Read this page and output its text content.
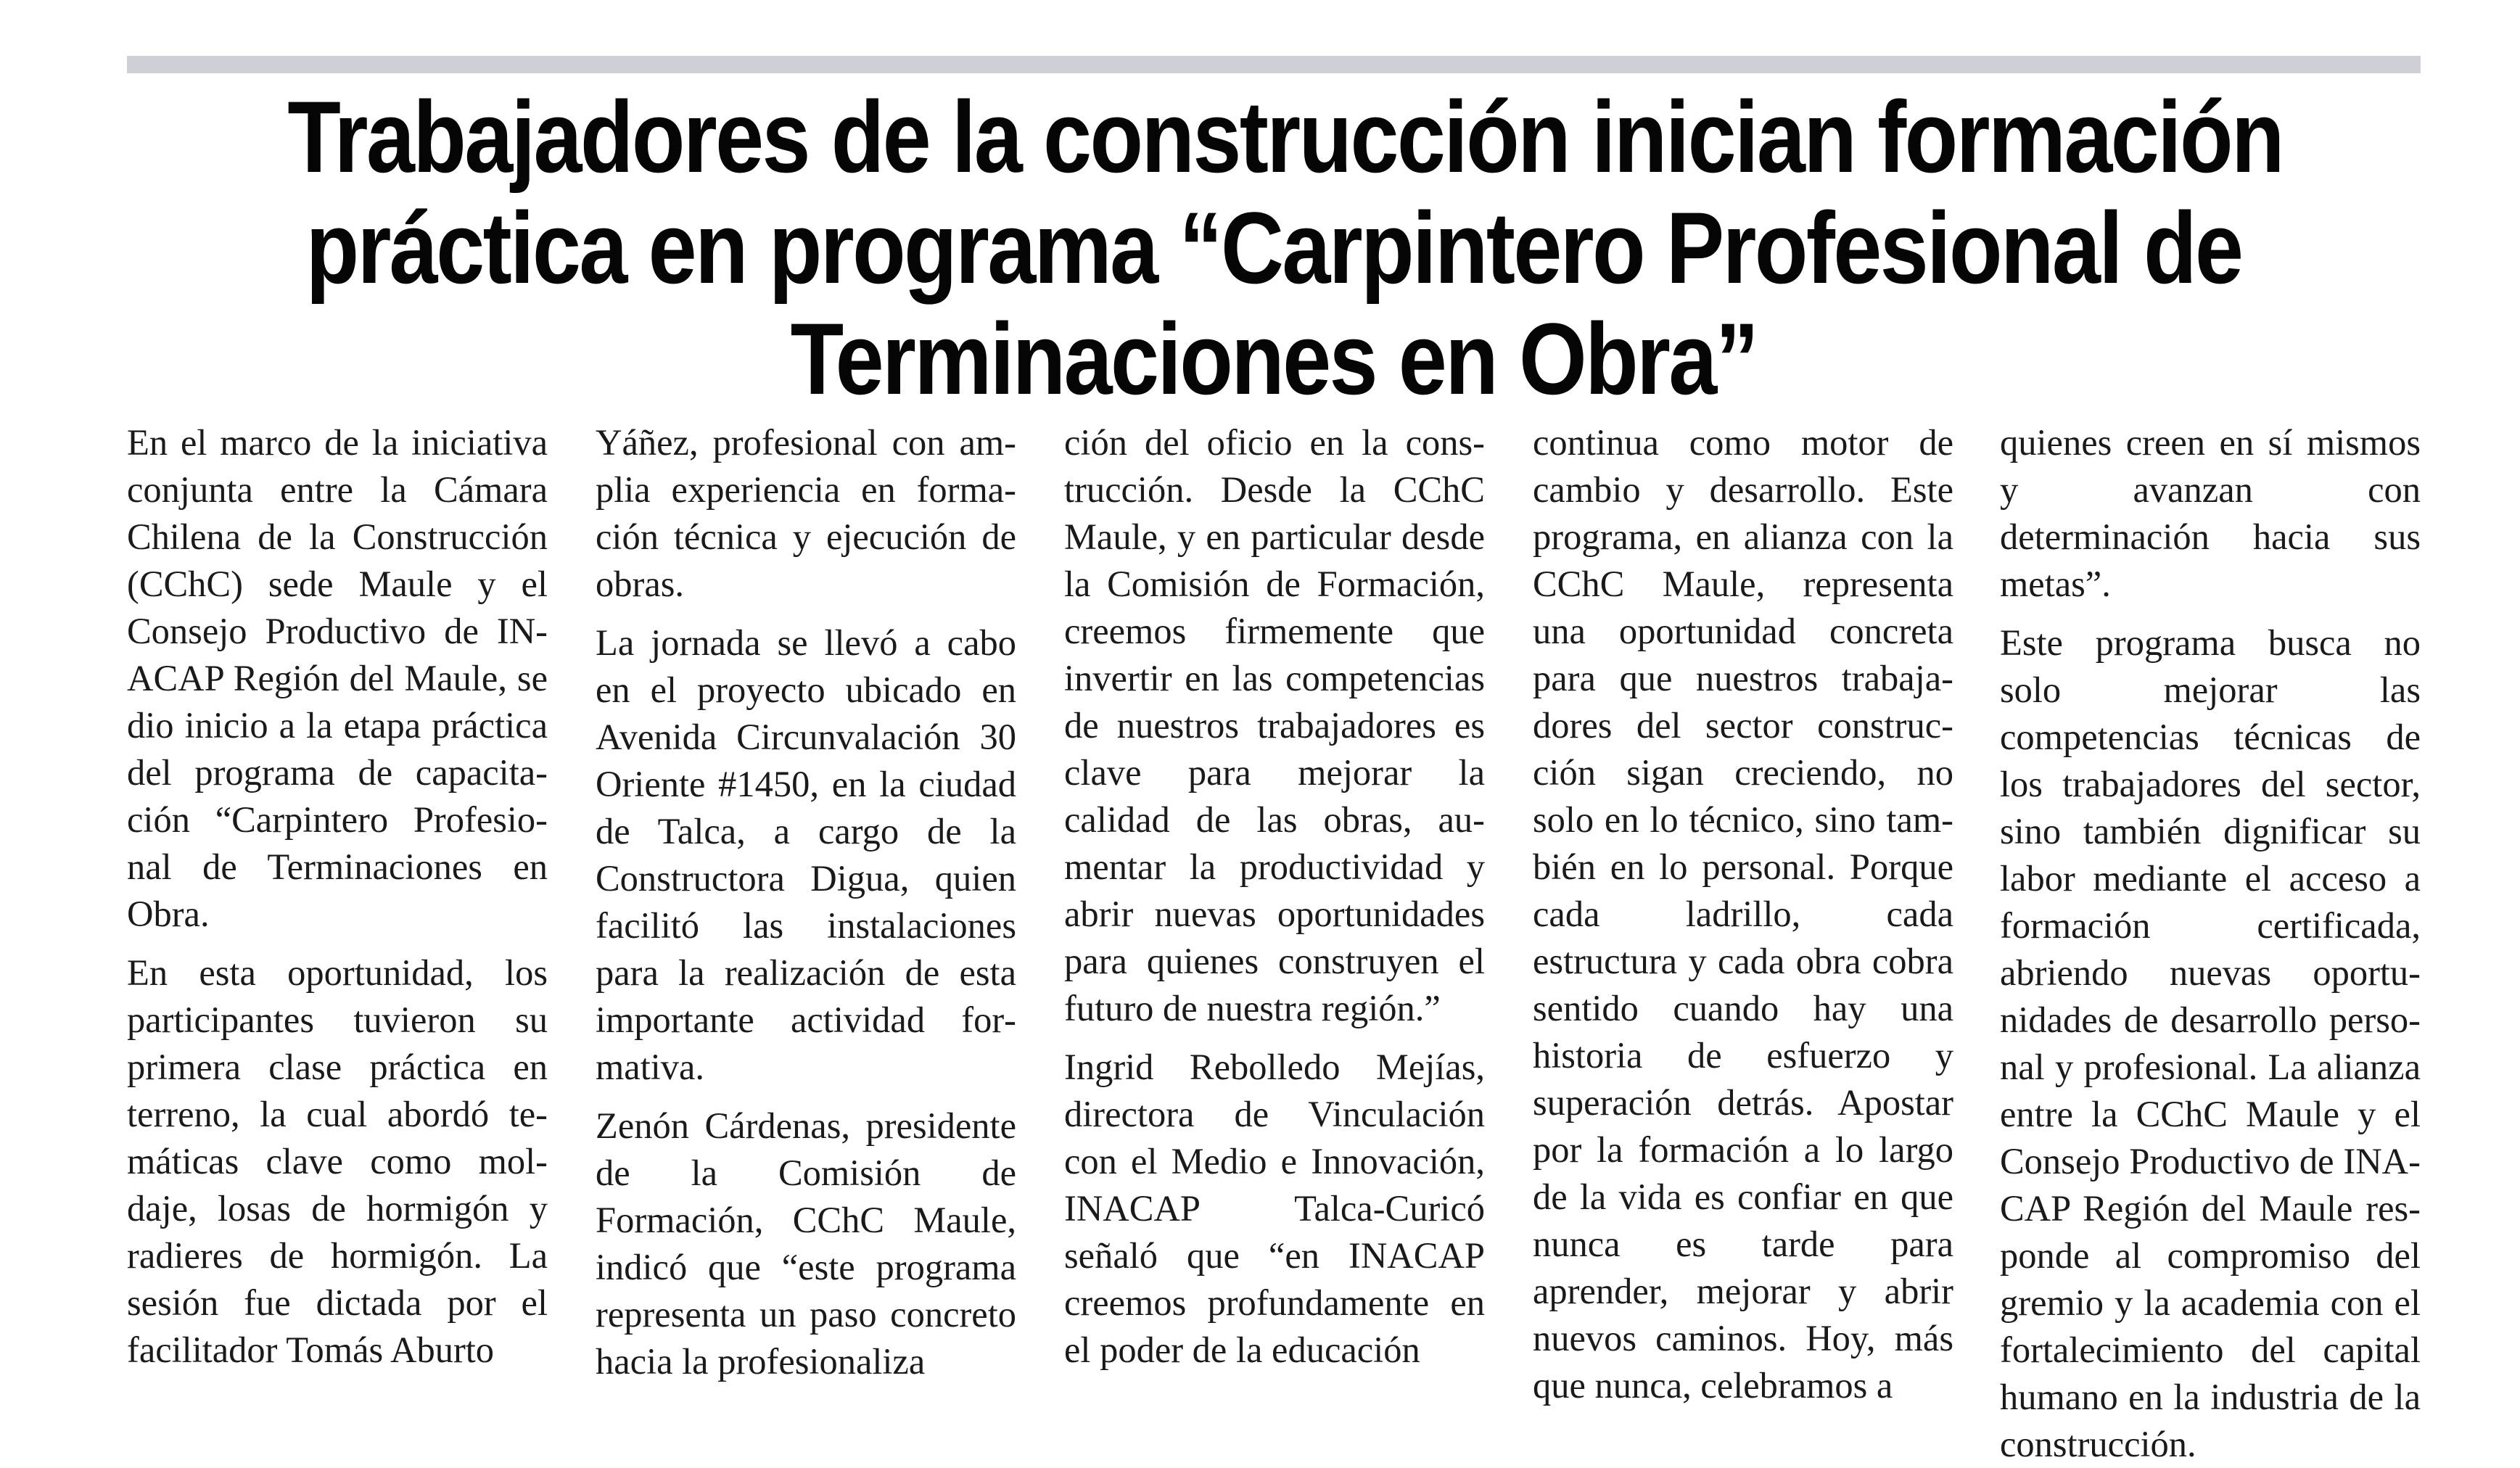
Trabajadores de la construcción inician formación
práctica en programa “Carpintero Profesional de
Terminaciones en Obra”

En el marco de la iniciativa conjunta entre la Cámara Chilena de la Construcción (CChC) sede Maule y el Consejo Productivo de INACAP Región del Maule, se dio inicio a la etapa práctica del programa de capacitación “Carpintero Profesional de Terminaciones en Obra.

En esta oportunidad, los participantes tuvieron su primera clase práctica en terreno, la cual abordó temáticas clave como moldaje, losas de hormigón y radieres de hormigón. La sesión fue dictada por el facilitador Tomás Aburto

Yáñez, profesional con amplia experiencia en formación técnica y ejecución de obras.

La jornada se llevó a cabo en el proyecto ubicado en Avenida Circunvalación 30 Oriente #1450, en la ciudad de Talca, a cargo de la Constructora Digua, quien facilitó las instalaciones para la realización de esta importante actividad formativa.

Zenón Cárdenas, presidente de la Comisión de Formación, CChC Maule, indicó que “este programa representa un paso concreto hacia la profesionaliza

ción del oficio en la construcción. Desde la CChC Maule, y en particular desde la Comisión de Formación, creemos firmemente que invertir en las competencias de nuestros trabajadores es clave para mejorar la calidad de las obras, aumentar la productividad y abrir nuevas oportunidades para quienes construyen el futuro de nuestra región.”

Ingrid Rebolledo Mejías, directora de Vinculación con el Medio e Innovación, INACAP Talca-Curicó señaló que “en INACAP creemos profundamente en el poder de la educación

continua como motor de cambio y desarrollo. Este programa, en alianza con la CChC Maule, representa una oportunidad concreta para que nuestros trabajadores del sector construcción sigan creciendo, no solo en lo técnico, sino también en lo personal. Porque cada ladrillo, cada estructura y cada obra cobra sentido cuando hay una historia de esfuerzo y superación detrás. Apostar por la formación a lo largo de la vida es confiar en que nunca es tarde para aprender, mejorar y abrir nuevos caminos. Hoy, más que nunca, celebramos a

quienes creen en sí mismos y avanzan con determinación hacia sus metas”.

Este programa busca no solo mejorar las competencias técnicas de los trabajadores del sector, sino también dignificar su labor mediante el acceso a formación certificada, abriendo nuevas oportunidades de desarrollo personal y profesional. La alianza entre la CChC Maule y el Consejo Productivo de INACAP Región del Maule responde al compromiso del gremio y la academia con el fortalecimiento del capital humano en la industria de la construcción.
